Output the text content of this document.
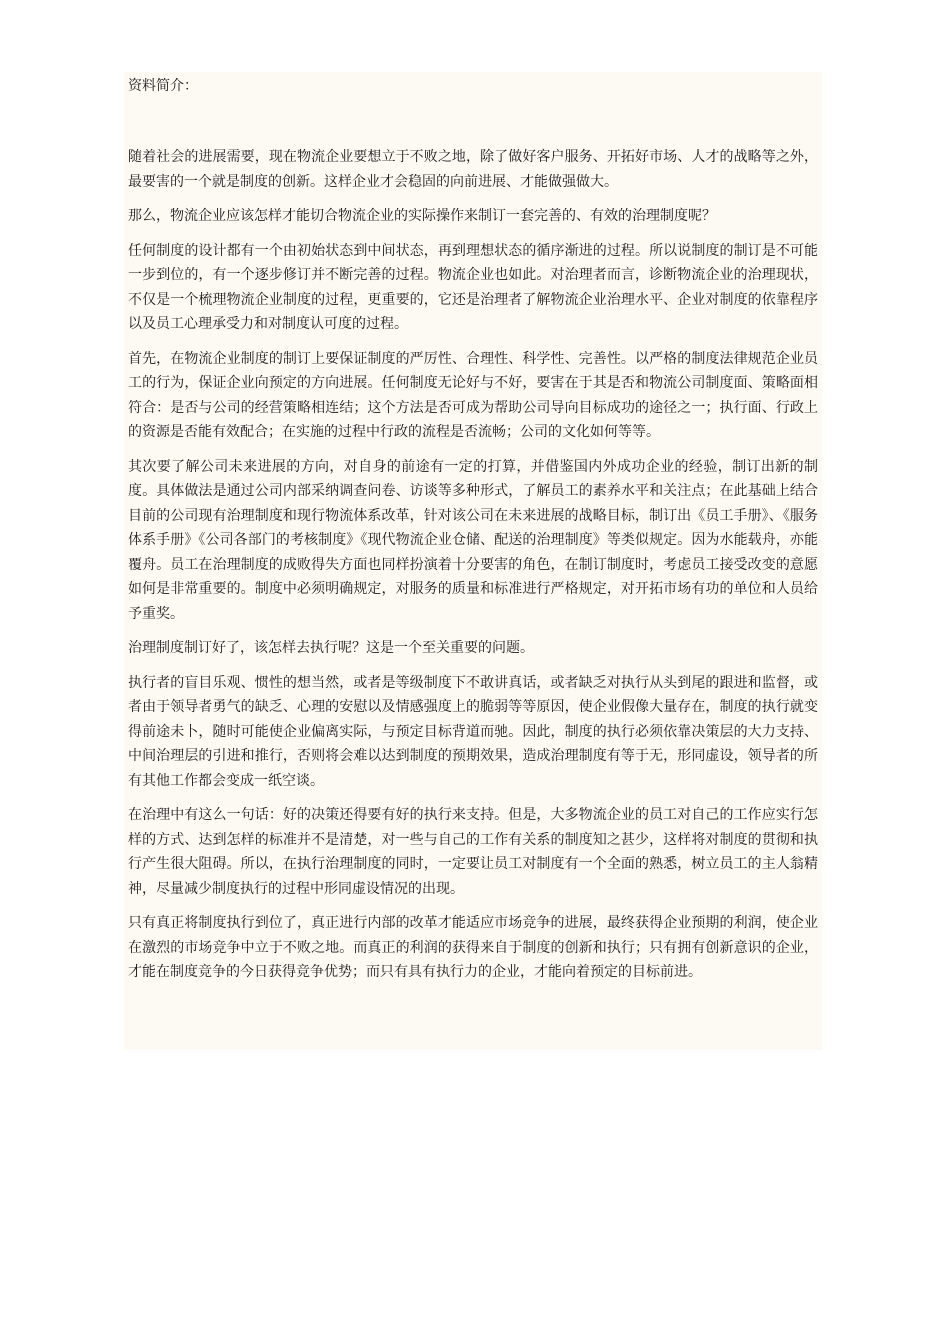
资料简介：

随着社会的进展需要，现在物流企业要想立于不败之地，除了做好客户服务、开拓好市场、人才的战略等之外，最要害的一个就是制度的创新。这样企业才会稳固的向前进展、才能做强做大。

那么，物流企业应该怎样才能切合物流企业的实际操作来制订一套完善的、有效的治理制度呢？

任何制度的设计都有一个由初始状态到中间状态，再到理想状态的循序渐进的过程。所以说制度的制订是不可能一步到位的，有一个逐步修订并不断完善的过程。物流企业也如此。对治理者而言，诊断物流企业的治理现状，不仅是一个梳理物流企业制度的过程，更重要的，它还是治理者了解物流企业治理水平、企业对制度的依靠程序以及员工心理承受力和对制度认可度的过程。

首先，在物流企业制度的制订上要保证制度的严厉性、合理性、科学性、完善性。以严格的制度法律规范企业员工的行为，保证企业向预定的方向进展。任何制度无论好与不好，要害在于其是否和物流公司制度面、策略面相符合：是否与公司的经营策略相连结；这个方法是否可成为帮助公司导向目标成功的途径之一；执行面、行政上的资源是否能有效配合；在实施的过程中行政的流程是否流畅；公司的文化如何等等。

其次要了解公司未来进展的方向，对自身的前途有一定的打算，并借鉴国内外成功企业的经验，制订出新的制度。具体做法是通过公司内部采纳调查问卷、访谈等多种形式，了解员工的素养水平和关注点；在此基础上结合目前的公司现有治理制度和现行物流体系改革，针对该公司在未来进展的战略目标，制订出《员工手册》、《服务体系手册》《公司各部门的考核制度》《现代物流企业仓储、配送的治理制度》等类似规定。因为水能载舟，亦能覆舟。员工在治理制度的成败得失方面也同样扮演着十分要害的角色，在制订制度时，考虑员工接受改变的意愿如何是非常重要的。制度中必须明确规定，对服务的质量和标准进行严格规定，对开拓市场有功的单位和人员给予重奖。

治理制度制订好了，该怎样去执行呢？这是一个至关重要的问题。

执行者的盲目乐观、惯性的想当然，或者是等级制度下不敢讲真话，或者缺乏对执行从头到尾的跟进和监督，或者由于领导者勇气的缺乏、心理的安慰以及情感强度上的脆弱等等原因，使企业假像大量存在，制度的执行就变得前途未卜，随时可能使企业偏离实际，与预定目标背道而驰。因此，制度的执行必须依靠决策层的大力支持、中间治理层的引进和推行，否则将会难以达到制度的预期效果，造成治理制度有等于无，形同虚设，领导者的所有其他工作都会变成一纸空谈。

在治理中有这么一句话：好的决策还得要有好的执行来支持。但是，大多物流企业的员工对自己的工作应实行怎样的方式、达到怎样的标准并不是清楚，对一些与自己的工作有关系的制度知之甚少，这样将对制度的贯彻和执行产生很大阻碍。所以，在执行治理制度的同时，一定要让员工对制度有一个全面的熟悉，树立员工的主人翁精神，尽量减少制度执行的过程中形同虚设情况的出现。

只有真正将制度执行到位了，真正进行内部的改革才能适应市场竞争的进展，最终获得企业预期的利润，使企业在激烈的市场竞争中立于不败之地。而真正的利润的获得来自于制度的创新和执行；只有拥有创新意识的企业，才能在制度竞争的今日获得竞争优势；而只有具有执行力的企业，才能向着预定的目标前进。
